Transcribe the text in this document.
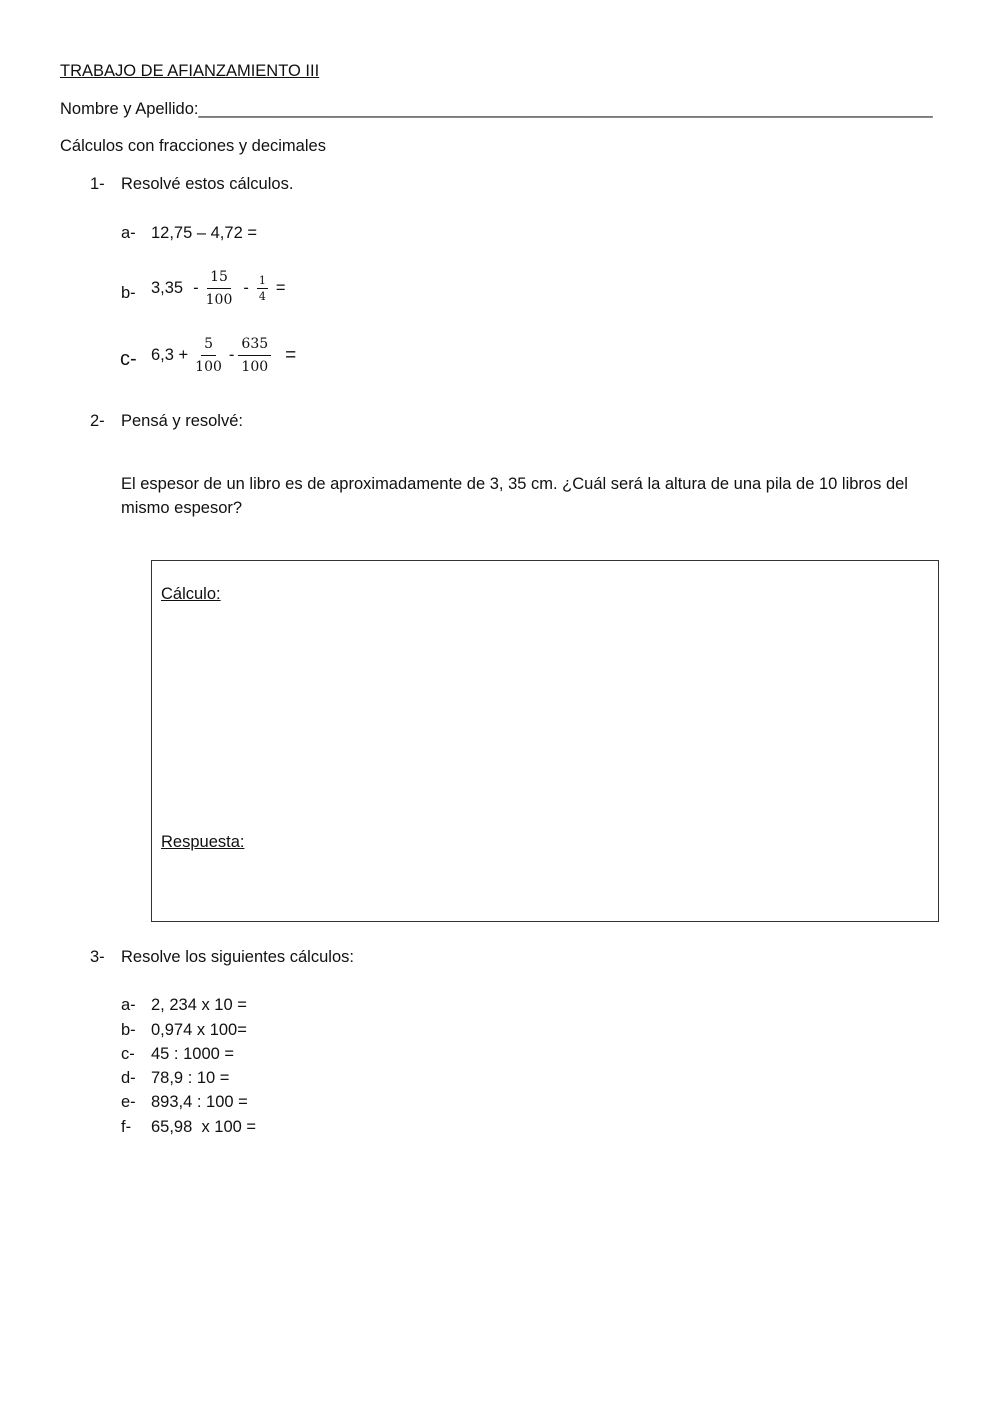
TRABAJO DE AFIANZAMIENTO III
Nombre y Apellido:________________________________________________________________________________
Cálculos con fracciones y decimales
1- Resolvé estos cálculos.
a- 12,75 – 4,72 =
b- $3,35 - \frac{15}{100} - \frac{1}{4}$ =
c- $6,3 + \frac{5}{100} - \frac{635}{100}$ =
2- Pensá y resolvé:
El espesor de un libro es de aproximadamente de 3, 35 cm. ¿Cuál será la altura de una pila de 10 libros del
mismo espesor?
Cálculo:
Respuesta:
3- Resolve los siguientes cálculos:
a- 2, 234 x 10 =
b- 0,974 x 100=
c- 45 : 1000 =
d- 78,9 : 10 =
e- 893,4 : 100 =
f- 65,98  x 100 =
